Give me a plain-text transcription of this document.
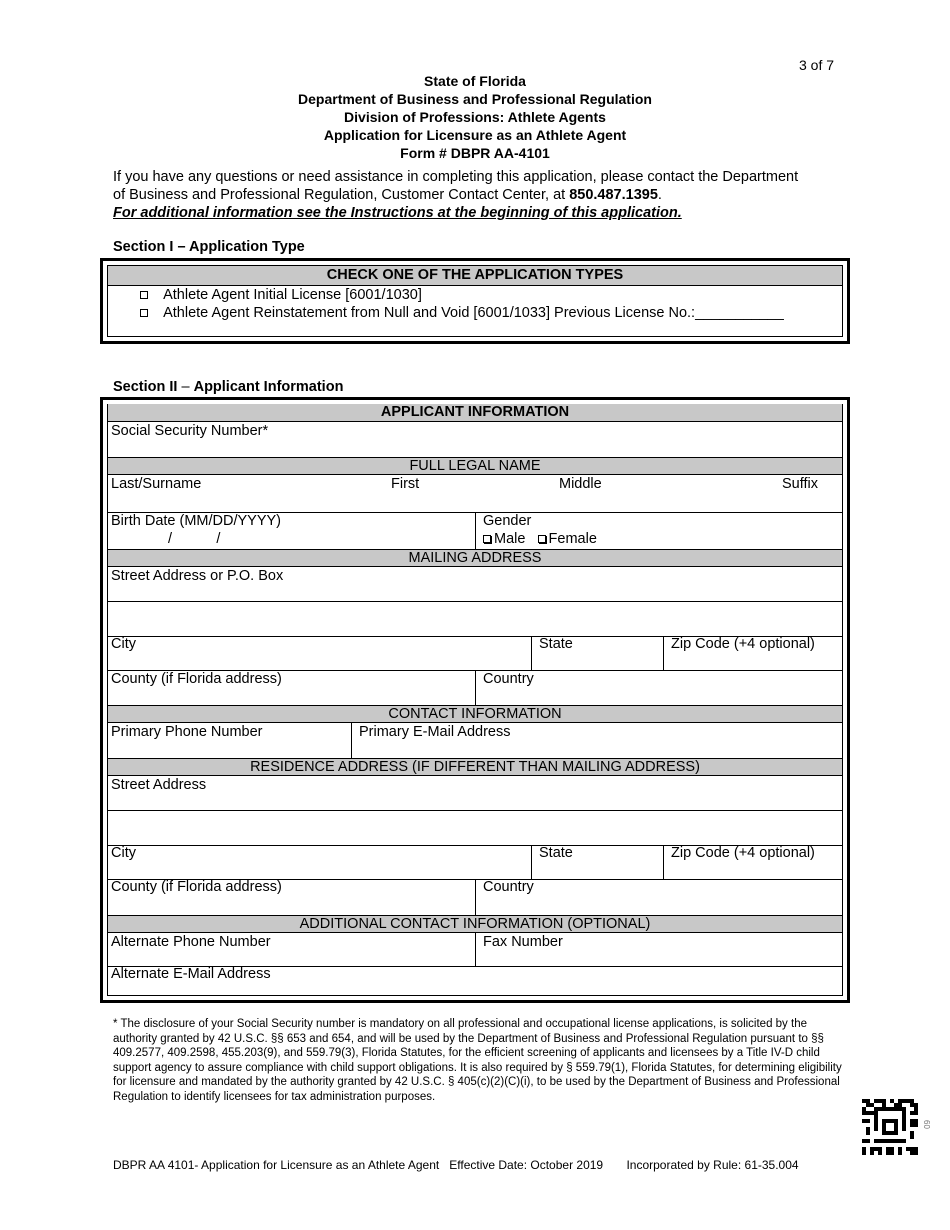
3 of 7
State of Florida
Department of Business and Professional Regulation
Division of Professions: Athlete Agents
Application for Licensure as an Athlete Agent
Form # DBPR AA-4101
If you have any questions or need assistance in completing this application, please contact the Department of Business and Professional Regulation, Customer Contact Center, at 850.487.1395.
For additional information see the Instructions at the beginning of this application.
Section I – Application Type
CHECK ONE OF THE APPLICATION TYPES
Athlete Agent Initial License [6001/1030]
Athlete Agent Reinstatement from Null and Void [6001/1033] Previous License No.:___________
Section II – Applicant Information
APPLICANT INFORMATION
Social Security Number*
FULL LEGAL NAME
Last/Surname	First	Middle	Suffix
Birth Date (MM/DD/YYYY)
/           /
Gender
Male Female
MAILING ADDRESS
Street Address or P.O. Box
City	State	Zip Code (+4 optional)
County (if Florida address)	Country
CONTACT INFORMATION
Primary Phone Number	Primary E-Mail Address
RESIDENCE ADDRESS (IF DIFFERENT THAN MAILING ADDRESS)
Street Address
City	State	Zip Code (+4 optional)
County (if Florida address)	Country
ADDITIONAL CONTACT INFORMATION (OPTIONAL)
Alternate Phone Number	Fax Number
Alternate E-Mail Address
* The disclosure of your Social Security number is mandatory on all professional and occupational license applications, is solicited by the authority granted by 42 U.S.C. §§ 653 and 654, and will be used by the Department of Business and Professional Regulation pursuant to §§ 409.2577, 409.2598, 455.203(9), and 559.79(3), Florida Statutes, for the efficient screening of applicants and licensees by a Title IV-D child support agency to assure compliance with child support obligations. It is also required by § 559.79(1), Florida Statutes, for determining eligibility for licensure and mandated by the authority granted by 42 U.S.C. § 405(c)(2)(C)(i), to be used by the Department of Business and Professional Regulation to identify licensees for tax administration purposes.
DBPR AA 4101- Application for Licensure as an Athlete Agent Effective Date: October 2019 Incorporated by Rule: 61-35.004
60
